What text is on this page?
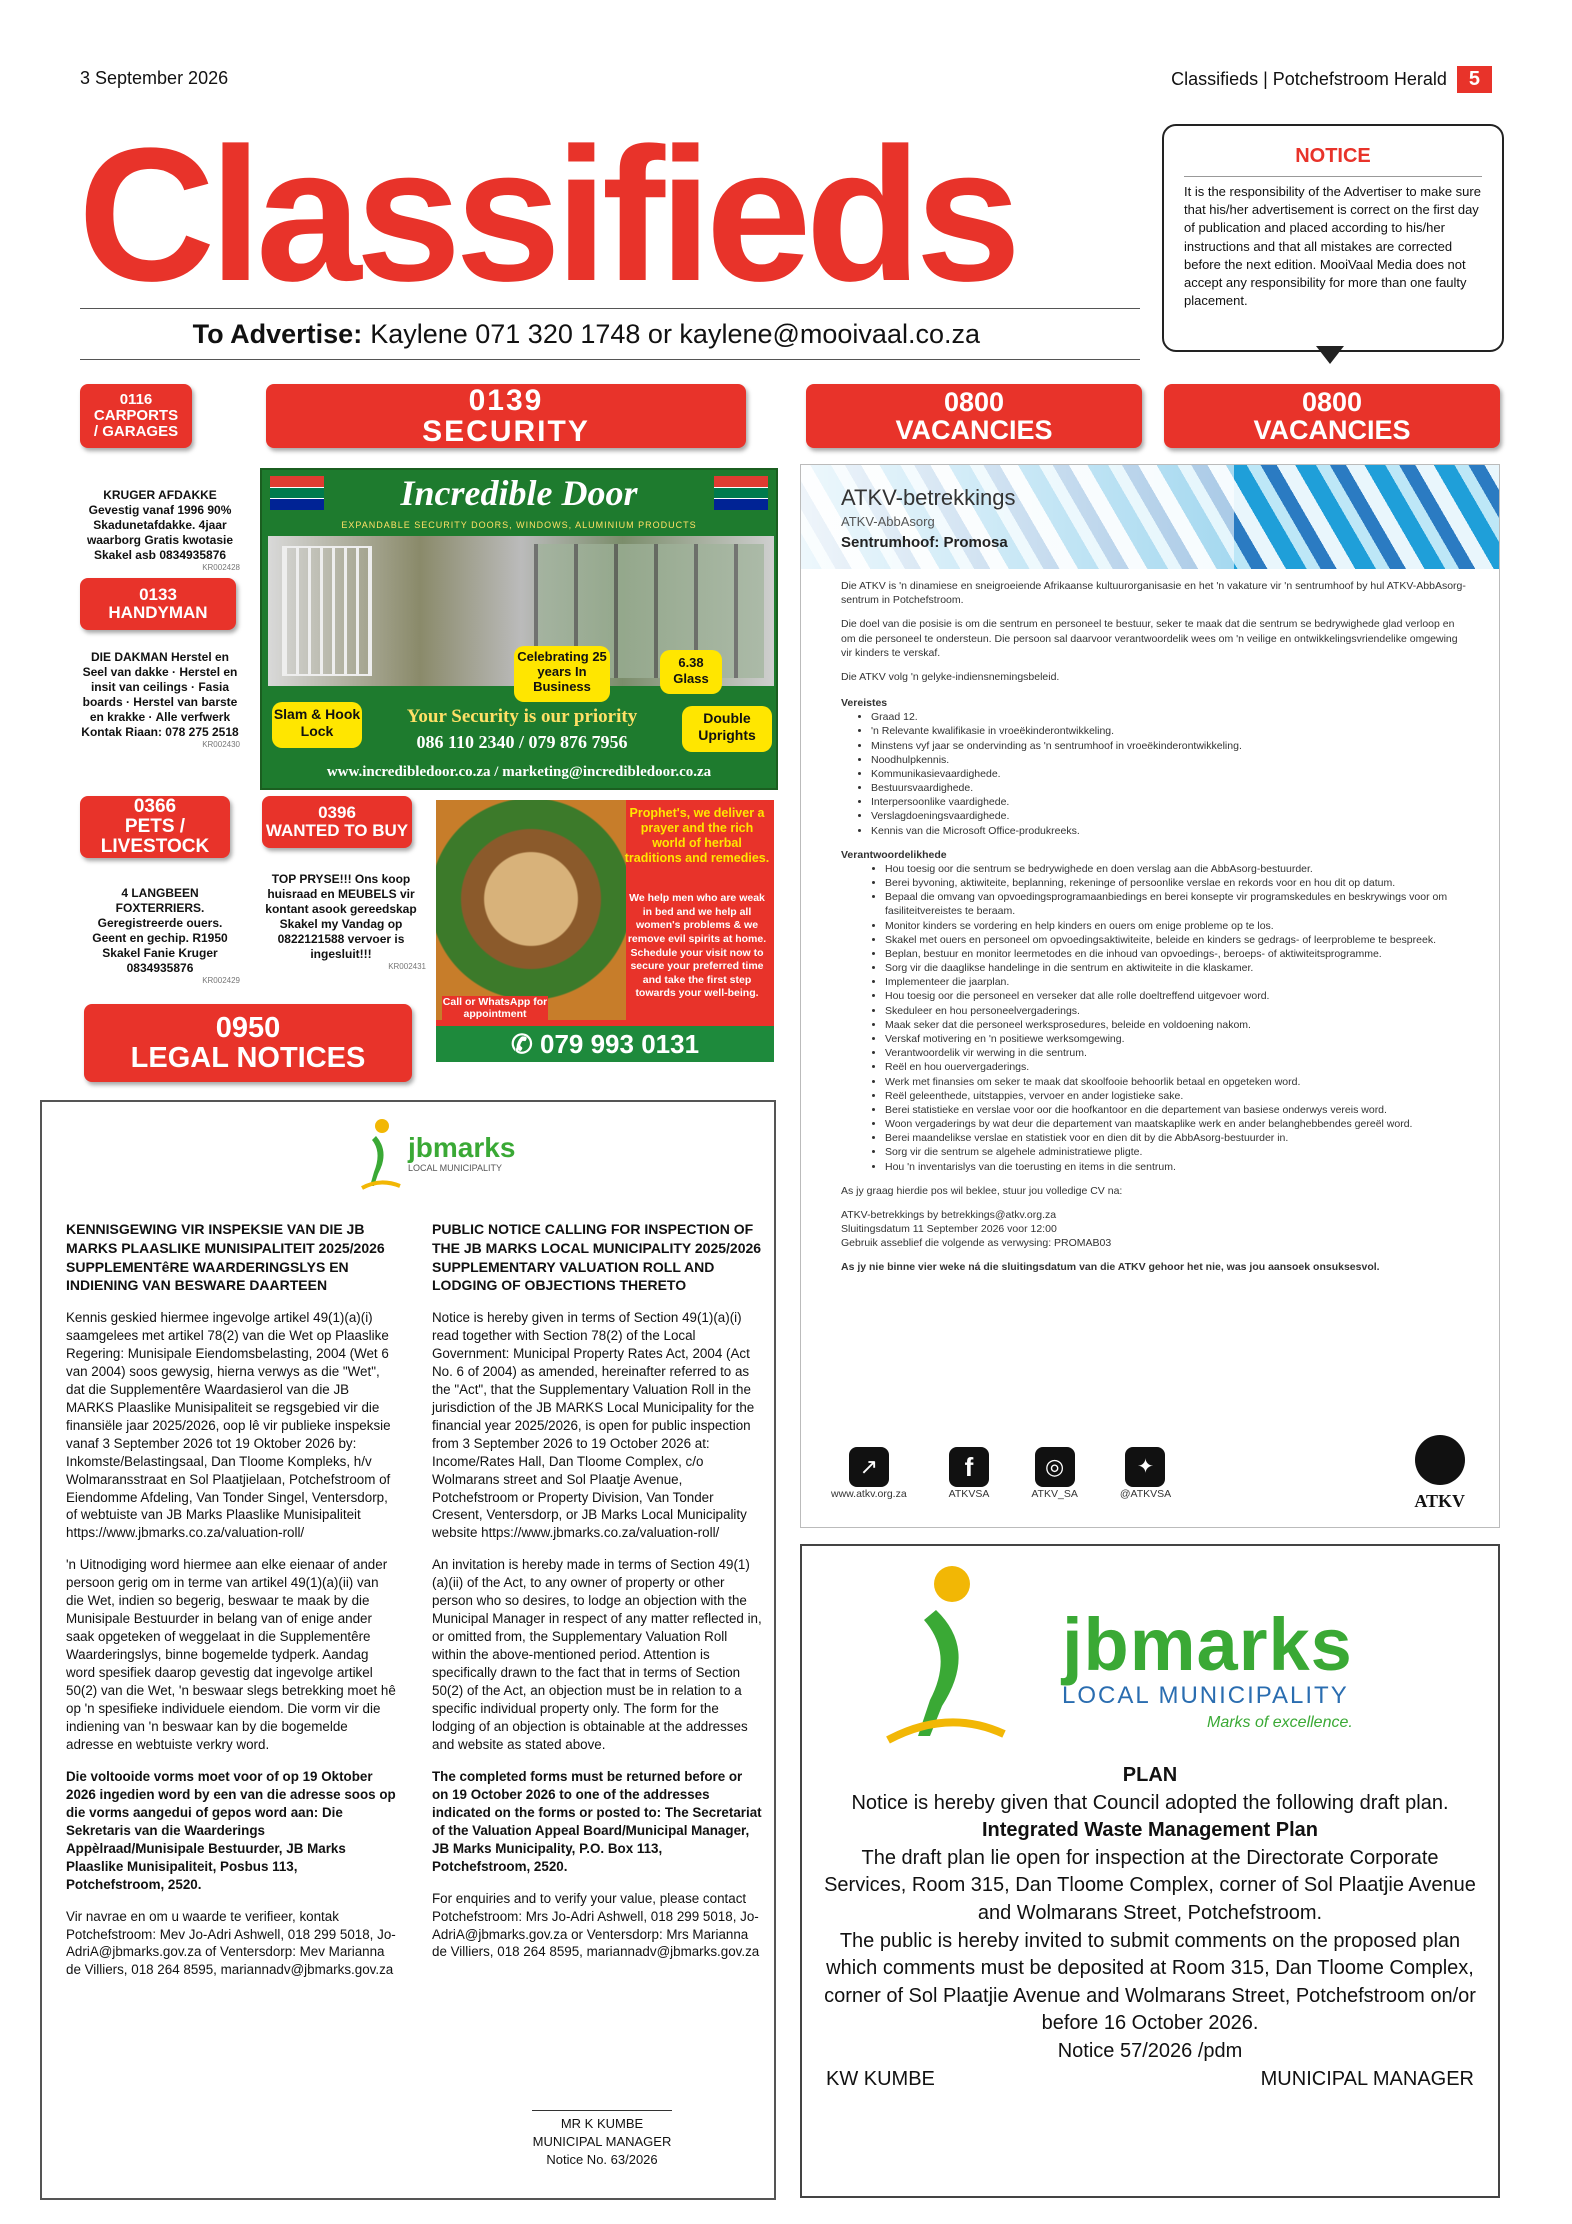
3 September 2026	Classifieds | Potchefstroom Herald	5
Classifieds
To Advertise: Kaylene 071 320 1748 or kaylene@mooivaal.co.za
NOTICE
It is the responsibility of the Advertiser to make sure that his/her advertisement is correct on the first day of publication and placed according to his/her instructions and that all mistakes are corrected before the next edition. MooiVaal Media does not accept any responsibility for more than one faulty placement.
0116
CARPORTS
/ GARAGES
KRUGER AFDAKKE Gevestig vanaf 1996 90% Skadunetafdakke. 4jaar waarborg Gratis kwotasie Skakel asb 0834935876
KR002428
0133
HANDYMAN
DIE DAKMAN Herstel en Seel van dakke · Herstel en insit van ceilings · Fasia boards · Herstel van barste en krakke · Alle verfwerk Kontak Riaan: 078 275 2518
KR002430
0366
PETS / LIVESTOCK
4 LANGBEEN FOXTERRIERS. Geregistreerde ouers. Geent en gechip. R1950 Skakel Fanie Kruger 0834935876
KR002429
0396
WANTED TO BUY
TOP PRYSE!!! Ons koop huisraad en MEUBELS vir kontant asook gereedskap Skakel my Vandag op 0822121588 vervoer is ingesluit!!!
KR002431
0139
SECURITY
Incredible Door
EXPANDABLE SECURITY DOORS, WINDOWS, ALUMINIUM PRODUCTS
Celebrating 25 years In Business
6.38 Glass
Slam & Hook Lock
Double Uprights
Your Security is our priority
086 110 2340 / 079 876 7956
www.incredibledoor.co.za / marketing@incredibledoor.co.za
Prophet's, we deliver a prayer and the rich world of herbal traditions and remedies.
We help men who are weak in bed and we help all women's problems & we remove evil spirits at home. Schedule your visit now to secure your preferred time and take the first step towards your well-being.
Call or WhatsApp for appointment
✆ 079 993 0131
0950
LEGAL NOTICES
jbmarks
LOCAL MUNICIPALITY

KENNISGEWING VIR INSPEKSIE VAN DIE JB MARKS PLAASLIKE MUNISIPALITEIT 2025/2026 SUPPLEMENTêRE WAARDERINGSLYS EN INDIENING VAN BESWARE DAARTEEN

Kennis geskied hiermee ingevolge artikel 49(1)(a)(i) saamgelees met artikel 78(2) van die Wet op Plaaslike Regering: Munisipale Eiendomsbelasting, 2004 (Wet 6 van 2004) soos gewysig, hierna verwys as die "Wet", dat die Supplementêre Waardasierol van die JB MARKS Plaaslike Munisipaliteit se regsgebied vir die finansiële jaar 2025/2026, oop lê vir publieke inspeksie vanaf 3 September 2026 tot 19 Oktober 2026 by: Inkomste/Belastingsaal, Dan Tloome Kompleks, h/v Wolmaransstraat en Sol Plaatjielaan, Potchefstroom of Eiendomme Afdeling, Van Tonder Singel, Ventersdorp, of webtuiste van JB Marks Plaaslike Munisipaliteit https://www.jbmarks.co.za/valuation-roll/

'n Uitnodiging word hiermee aan elke eienaar of ander persoon gerig om in terme van artikel 49(1)(a)(ii) van die Wet, indien so begerig, beswaar te maak by die Munisipale Bestuurder in belang van of enige ander saak opgeteken of weggelaat in die Supplementêre Waarderingslys, binne bogemelde tydperk. Aandag word spesifiek daarop gevestig dat ingevolge artikel 50(2) van die Wet, 'n beswaar slegs betrekking moet hê op 'n spesifieke individuele eiendom. Die vorm vir die indiening van 'n beswaar kan by die bogemelde adresse en webtuiste verkry word.

Die voltooide vorms moet voor of op 19 Oktober 2026 ingedien word by een van die adresse soos op die vorms aangedui of gepos word aan: Die Sekretaris van die Waarderings Appèlraad/Munisipale Bestuurder, JB Marks Plaaslike Munisipaliteit, Posbus 113, Potchefstroom, 2520.

Vir navrae en om u waarde te verifieer, kontak Potchefstroom: Mev Jo-Adri Ashwell, 018 299 5018, Jo-AdriA@jbmarks.gov.za of Ventersdorp: Mev Marianna de Villiers, 018 264 8595, mariannadv@jbmarks.gov.za

PUBLIC NOTICE CALLING FOR INSPECTION OF THE JB MARKS LOCAL MUNICIPALITY 2025/2026 SUPPLEMENTARY VALUATION ROLL AND LODGING OF OBJECTIONS THERETO

Notice is hereby given in terms of Section 49(1)(a)(i) read together with Section 78(2) of the Local Government: Municipal Property Rates Act, 2004 (Act No. 6 of 2004) as amended, hereinafter referred to as the "Act", that the Supplementary Valuation Roll in the jurisdiction of the JB MARKS Local Municipality for the financial year 2025/2026, is open for public inspection from 3 September 2026 to 19 October 2026 at: Income/Rates Hall, Dan Tloome Complex, c/o Wolmarans street and Sol Plaatje Avenue, Potchefstroom or Property Division, Van Tonder Cresent, Ventersdorp, or JB Marks Local Municipality website https://www.jbmarks.co.za/valuation-roll/

An invitation is hereby made in terms of Section 49(1)(a)(ii) of the Act, to any owner of property or other person who so desires, to lodge an objection with the Municipal Manager in respect of any matter reflected in, or omitted from, the Supplementary Valuation Roll within the above-mentioned period. Attention is specifically drawn to the fact that in terms of Section 50(2) of the Act, an objection must be in relation to a specific individual property only. The form for the lodging of an objection is obtainable at the addresses and website as stated above.

The completed forms must be returned before or on 19 October 2026 to one of the addresses indicated on the forms or posted to: The Secretariat of the Valuation Appeal Board/Municipal Manager, JB Marks Municipality, P.O. Box 113, Potchefstroom, 2520.

For enquiries and to verify your value, please contact Potchefstroom: Mrs Jo-Adri Ashwell, 018 299 5018, Jo-AdriA@jbmarks.gov.za or Ventersdorp: Mrs Marianna de Villiers, 018 264 8595, mariannadv@jbmarks.gov.za

MR K KUMBE
MUNICIPAL MANAGER
Notice No. 63/2026
0800
VACANCIES
0800
VACANCIES
ATKV-betrekkings
ATKV-AbbAsorg
Sentrumhoof: Promosa

Die ATKV is 'n dinamiese en sneigroeiende Afrikaanse kultuurorganisasie en het 'n vakature vir 'n sentrumhoof by hul ATKV-AbbAsorg-sentrum in Potchefstroom.

Die doel van die posisie is om die sentrum en personeel te bestuur, seker te maak dat die sentrum se bedrywighede glad verloop en om die personeel te ondersteun. Die persoon sal daarvoor verantwoordelik wees om 'n veilige en ontwikkelingsvriendelike omgewing vir kinders te verskaf.

Die ATKV volg 'n gelyke-indiensnemingsbeleid.

Vereistes
• Graad 12.
• 'n Relevante kwalifikasie in vroeëkinderontwikkeling.
• Minstens vyf jaar se ondervinding as 'n sentrumhoof in vroeëkinderontwikkeling.
• Noodhulpkennis.
• Kommunikasievaardighede.
• Bestuursvaardighede.
• Interpersoonlike vaardighede.
• Verslagdoeningsvaardighede.
• Kennis van die Microsoft Office-produkreeks.
Verantwoordelikhede
• Hou toesig oor die sentrum se bedrywighede en doen verslag aan die AbbAsorg-bestuurder.
• Berei byvoning, aktiwiteite, beplanning, rekeninge of persoonlike verslae en rekords voor en hou dit op datum.
• Bepaal die omvang van opvoedingsprogramaanbiedings en berei konsepte vir programskedules en beskrywings voor om fasiliteitvereistes te beraam.
• Monitor kinders se vordering en help kinders en ouers om enige probleme op te los.
• Skakel met ouers en personeel om opvoedingsaktiwiteite, beleide en kinders se gedrags- of leerprobleme te bespreek.
• Beplan, bestuur en monitor leermetodes en die inhoud van opvoedings-, beroeps- of aktiwiteitsprogramme.
• Sorg vir die daaglikse handelinge in die sentrum en aktiwiteite in die klaskamer.
• Implementeer die jaarplan.
• Hou toesig oor die personeel en verseker dat alle rolle doeltreffend uitgevoer word.
• Skeduleer en hou personeelvergaderings.
• Maak seker dat die personeel werksprosedures, beleide en voldoening nakom.
• Verskaf motivering en 'n positiewe werksomgewing.
• Verantwoordelik vir werwing in die sentrum.
• Reël en hou ouervergaderings.
• Werk met finansies om seker te maak dat skoolfooie behoorlik betaal en opgeteken word.
• Reël geleenthede, uitstappies, vervoer en ander logistieke sake.
• Berei statistieke en verslae voor oor die hoofkantoor en die departement van basiese onderwys vereis word.
• Woon vergaderings by wat deur die departement van maatskaplike werk en ander belanghebbendes gereël word.
• Berei maandelikse verslae en statistiek voor en dien dit by die AbbAsorg-bestuurder in.
• Sorg vir die sentrum se algehele administratiewe pligte.
• Hou 'n inventarislys van die toerusting en items in die sentrum.

As jy graag hierdie pos wil beklee, stuur jou volledige CV na:

ATKV-betrekkings by betrekkings@atkv.org.za
Sluitingsdatum 11 September 2026 voor 12:00
Gebruik asseblief die volgende as verwysing: PROMAB03
As jy nie binne vier weke ná die sluitingsdatum van die ATKV gehoor het nie, was jou aansoek onsuksesvol.
↗
www.atkv.org.za
f
ATKVSA
◎
ATKV_SA
✦
@ATKVSA	ATKV
jbmarks
LOCAL MUNICIPALITY
Marks of excellence.
PLAN
Notice is hereby given that Council adopted the following draft plan.
Integrated Waste Management Plan
The draft plan lie open for inspection at the Directorate Corporate Services, Room 315, Dan Tloome Complex, corner of Sol Plaatjie Avenue and Wolmarans Street, Potchefstroom.
The public is hereby invited to submit comments on the proposed plan which comments must be deposited at Room 315, Dan Tloome Complex, corner of Sol Plaatjie Avenue and Wolmarans Street, Potchefstroom on/or before 16 October 2026.
Notice 57/2026 /pdm
KW KUMBE	MUNICIPAL MANAGER
